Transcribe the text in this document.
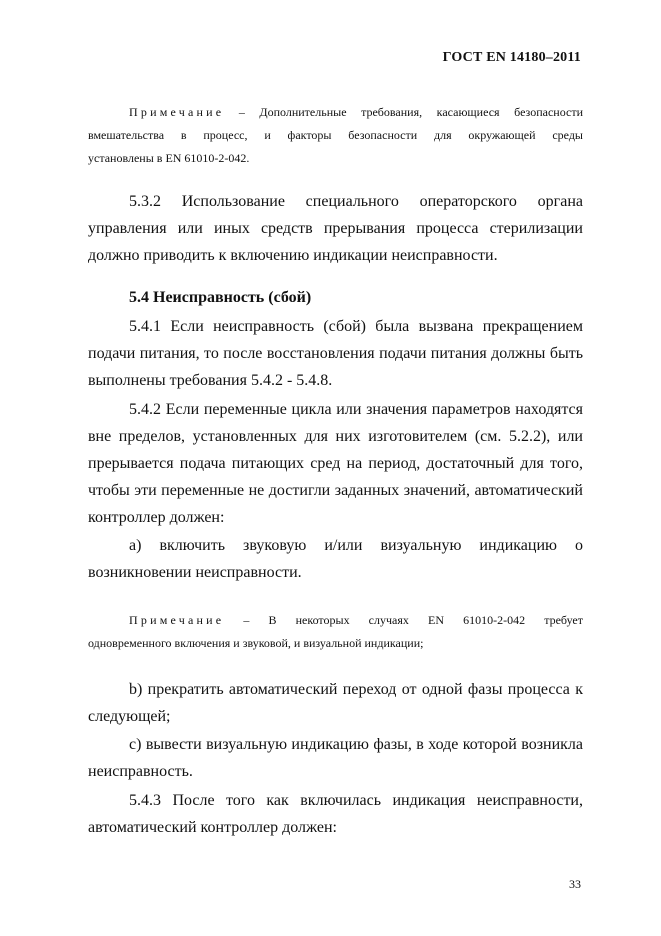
ГОСТ EN 14180–2011
Примечание – Дополнительные требования, касающиеся безопасности
вмешательства в процесс, и факторы безопасности для окружающей среды
установлены в EN 61010-2-042.
5.3.2 Использование специального операторского органа
управления или иных средств прерывания процесса стерилизации
должно приводить к включению индикации неисправности.
5.4 Неисправность (сбой)
5.4.1 Если неисправность (сбой) была вызвана прекращением
подачи питания, то после восстановления подачи питания должны быть
выполнены требования 5.4.2 - 5.4.8.
5.4.2 Если переменные цикла или значения параметров находятся
вне пределов, установленных для них изготовителем (см. 5.2.2), или
прерывается подача питающих сред на период, достаточный для того,
чтобы эти переменные не достигли заданных значений, автоматический
контроллер должен:
а) включить звуковую и/или визуальную индикацию о
возникновении неисправности.
Примечание – В некоторых случаях EN 61010-2-042 требует
одновременного включения и звуковой, и визуальной индикации;
b) прекратить автоматический переход от одной фазы процесса к
следующей;
c) вывести визуальную индикацию фазы, в ходе которой возникла
неисправность.
5.4.3 После того как включилась индикация неисправности,
автоматический контроллер должен:
33
